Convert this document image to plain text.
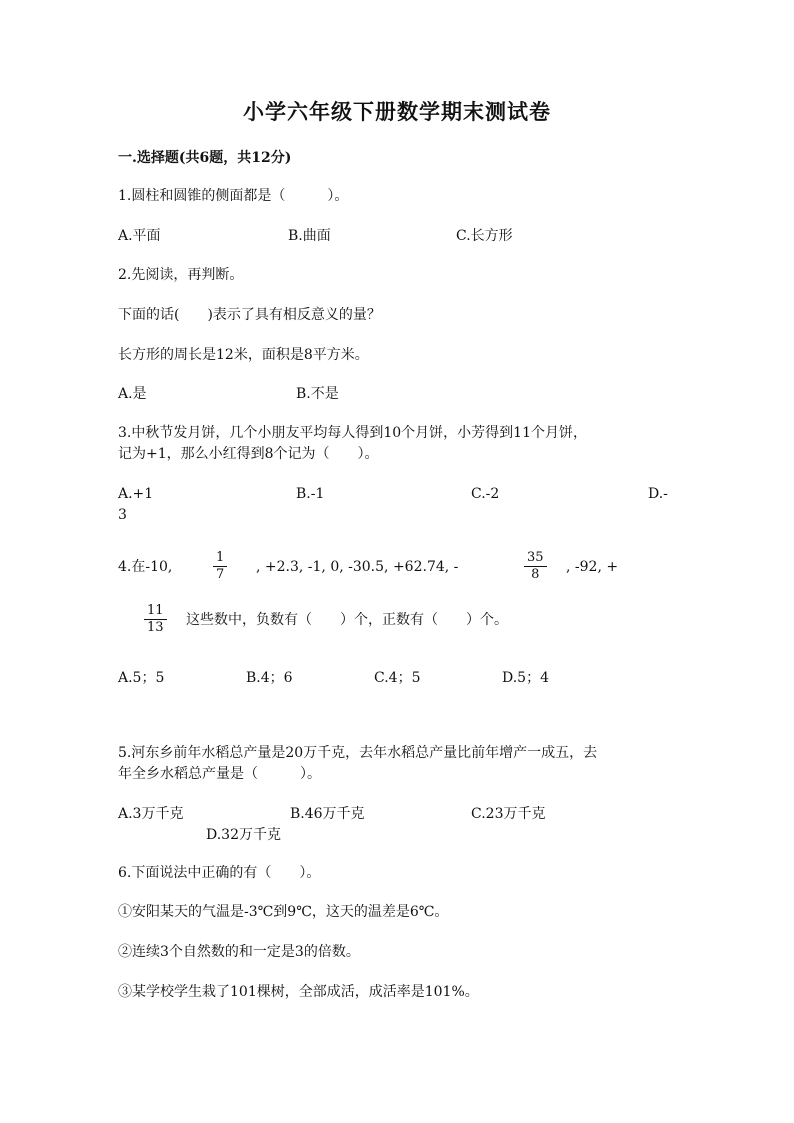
小学六年级下册数学期末测试卷
一.选择题(共6题，共12分)
1.圆柱和圆锥的侧面都是（　　　）。
A.平面	B.曲面	C.长方形
2.先阅读，再判断。
下面的话(　　)表示了具有相反意义的量？
长方形的周长是12米，面积是8平方米。
A.是	B.不是
3.中秋节发月饼，几个小朋友平均每人得到10个月饼，小芳得到11个月饼，
记为+1，那么小红得到8个记为（　　）。
A.+1	B.-1	C.-2	D.-
3
4.在-10,	$\frac{1}{7}$ , +2.3, -1, 0, -30.5, +62.74, -	$\frac{35}{8}$ , -92, +
$\frac{11}{13}$ 这些数中，负数有（　　）个，正数有（　　）个。
A.5；5	B.4；6	C.4；5	D.5；4
5.河东乡前年水稻总产量是20万千克，去年水稻总产量比前年增产一成五，去
年全乡水稻总产量是（　　　）。
A.3万千克	B.46万千克	C.23万千克
D.32万千克
6.下面说法中正确的有（　　）。
①安阳某天的气温是-3℃到9℃，这天的温差是6℃。
②连续3个自然数的和一定是3的倍数。
③某学校学生栽了101棵树，全部成活，成活率是101%。
